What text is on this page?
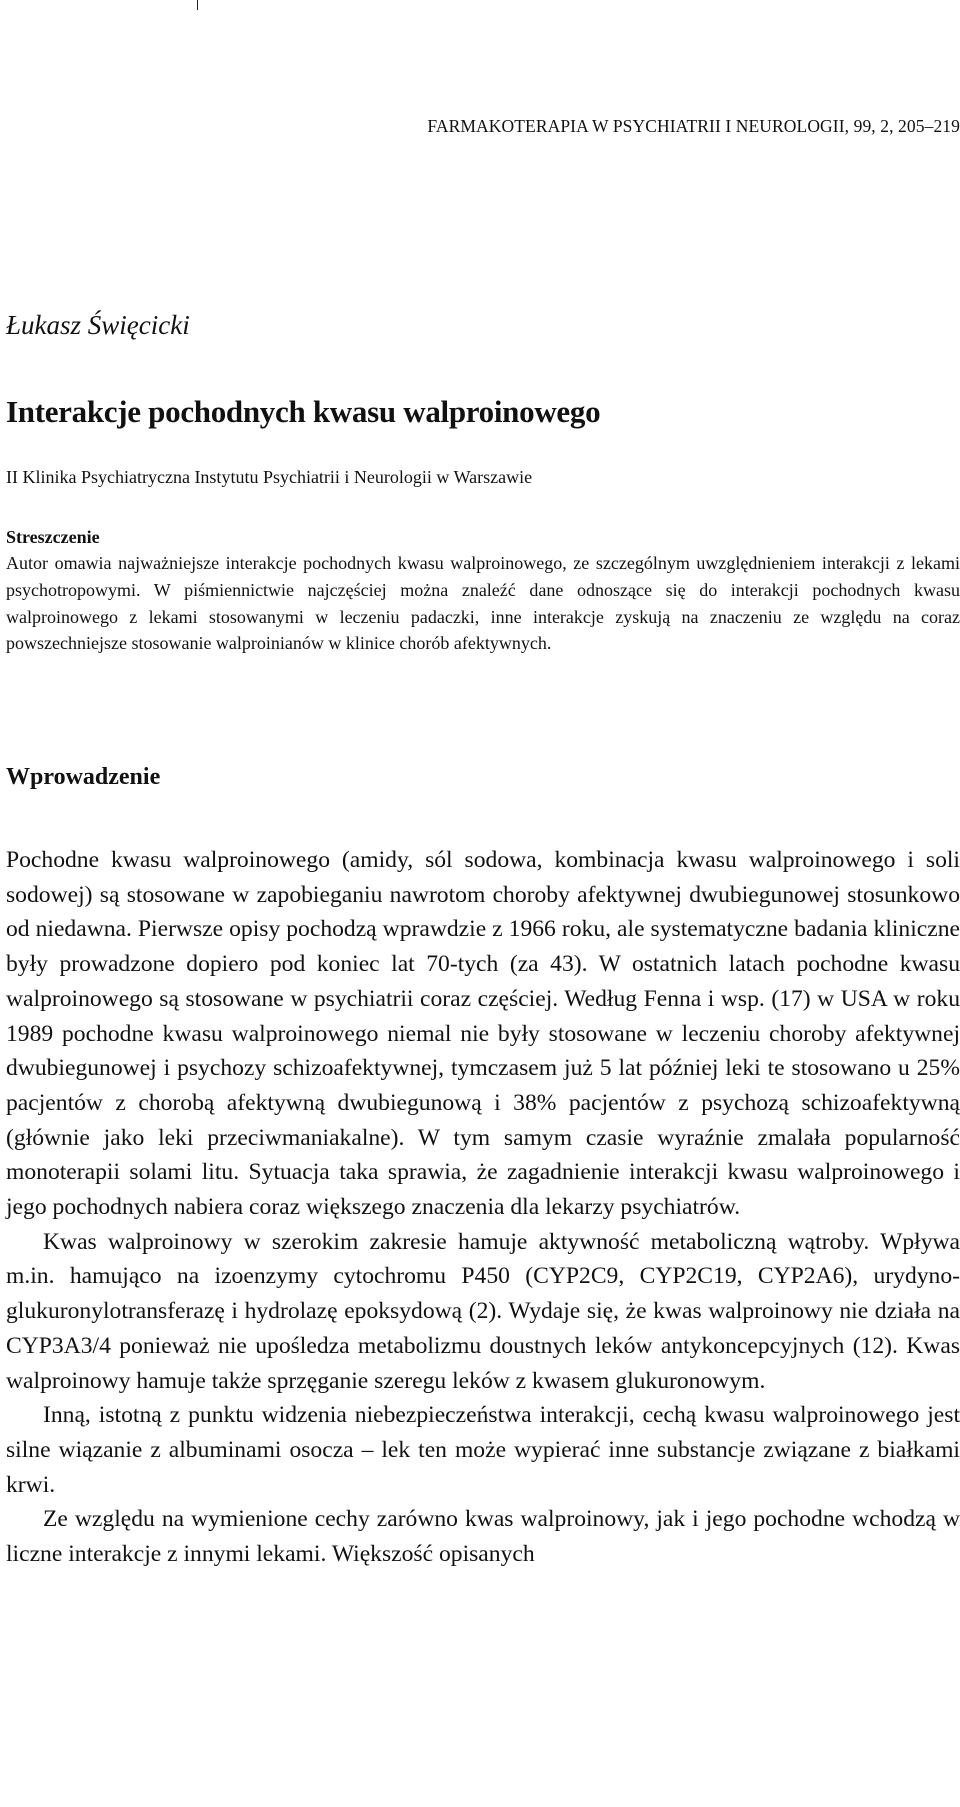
FARMAKOTERAPIA W PSYCHIATRII I NEUROLOGII, 99, 2, 205–219
Łukasz Święcicki
Interakcje pochodnych kwasu walproinowego
II Klinika Psychiatryczna Instytutu Psychiatrii i Neurologii w Warszawie
Streszczenie

Autor omawia najważniejsze interakcje pochodnych kwasu walproinowego, ze szczególnym uwzględnieniem interakcji z lekami psychotropowymi. W piśmiennictwie najczęściej można znaleźć dane odnoszące się do interakcji pochodnych kwasu walproinowego z lekami stosowanymi w leczeniu padaczki, inne interakcje zyskują na znaczeniu ze względu na coraz powszechniejsze stosowanie walproinianów w klinice chorób afektywnych.

Wprowadzenie

Pochodne kwasu walproinowego (amidy, sól sodowa, kombinacja kwasu walproinowego i soli sodowej) są stosowane w zapobieganiu nawrotom choroby afektywnej dwubiegunowej stosunkowo od niedawna. Pierwsze opisy pochodzą wprawdzie z 1966 roku, ale systematyczne badania kliniczne były prowadzone dopiero pod koniec lat 70-tych (za 43). W ostatnich latach pochodne kwasu walproinowego są stosowane w psychiatrii coraz częściej. Według Fenna i wsp. (17) w USA w roku 1989 pochodne kwasu walproinowego niemal nie były stosowane w leczeniu choroby afektywnej dwubiegunowej i psychozy schizoafektywnej, tymczasem już 5 lat później leki te stosowano u 25% pacjentów z chorobą afektywną dwubiegunową i 38% pacjentów z psychozą schizoafektywną (głównie jako leki przeciwmaniakalne). W tym samym czasie wyraźnie zmalała popularność monoterapii solami litu. Sytuacja taka sprawia, że zagadnienie interakcji kwasu walproinowego i jego pochodnych nabiera coraz większego znaczenia dla lekarzy psychiatrów.

Kwas walproinowy w szerokim zakresie hamuje aktywność metaboliczną wątroby. Wpływa m.in. hamująco na izoenzymy cytochromu P450 (CYP2C9, CYP2C19, CYP2A6), urydyno-glukuronylotransferazę i hydrolazę epoksydową (2). Wydaje się, że kwas walproinowy nie działa na CYP3A3/4 ponieważ nie upośledza metabolizmu doustnych leków antykoncepcyjnych (12). Kwas walproinowy hamuje także sprzęganie szeregu leków z kwasem glukuronowym.

Inną, istotną z punktu widzenia niebezpieczeństwa interakcji, cechą kwasu walproinowego jest silne wiązanie z albuminami osocza – lek ten może wypierać inne substancje związane z białkami krwi.

Ze względu na wymienione cechy zarówno kwas walproinowy, jak i jego pochodne wchodzą w liczne interakcje z innymi lekami. Większość opisanych
